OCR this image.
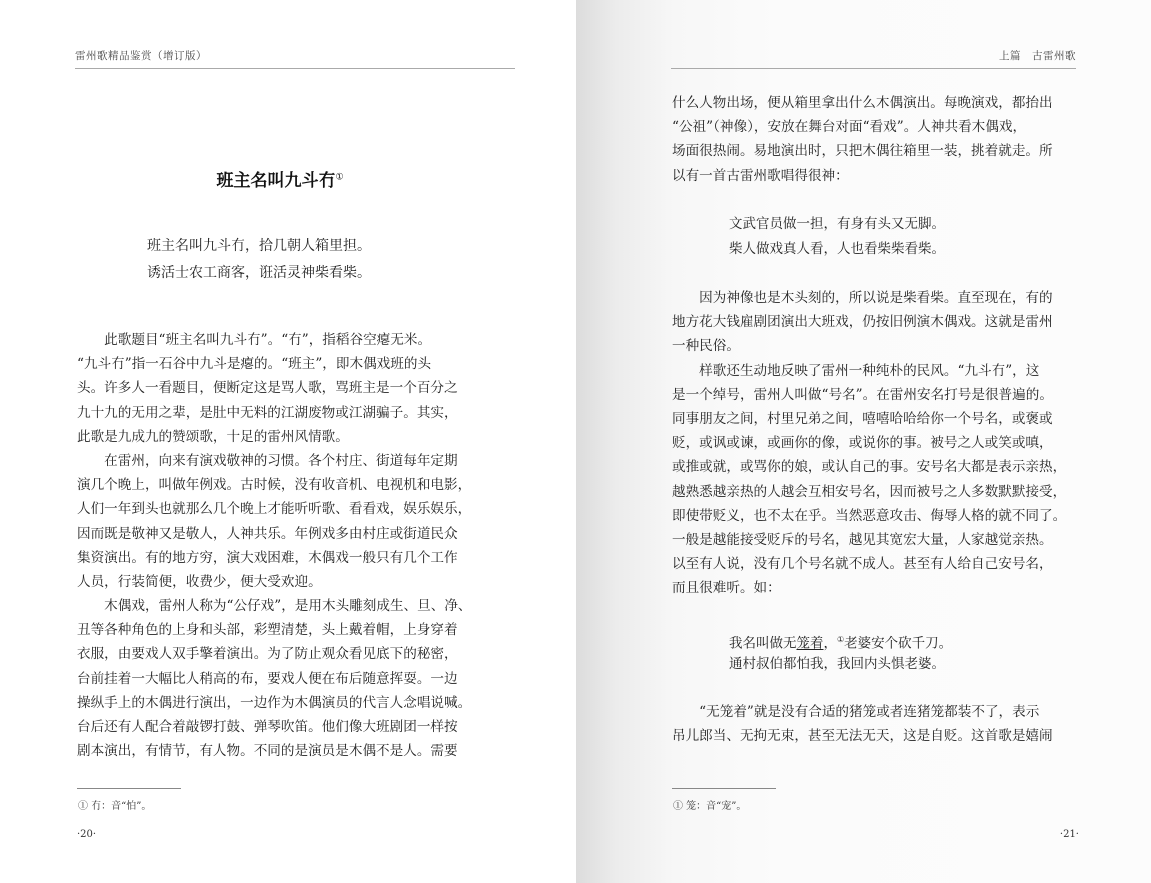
雷州歌精品鉴赏（增订版）
班主名叫九斗冇①
班主名叫九斗冇，拾几朝人箱里担。
诱活士农工商客，诳活灵神柴看柴。
　　此歌题目“班主名叫九斗冇”。“冇”，指稻谷空瘪无米。
“九斗冇”指一石谷中九斗是瘪的。“班主”，即木偶戏班的头
头。许多人一看题目，便断定这是骂人歌，骂班主是一个百分之
九十九的无用之辈，是肚中无料的江湖废物或江湖骗子。其实，
此歌是九成九的赞颂歌，十足的雷州风情歌。
　　在雷州，向来有演戏敬神的习惯。各个村庄、街道每年定期
演几个晚上，叫做年例戏。古时候，没有收音机、电视机和电影，
人们一年到头也就那么几个晚上才能听听歌、看看戏，娱乐娱乐，
因而既是敬神又是敬人，人神共乐。年例戏多由村庄或街道民众
集资演出。有的地方穷，演大戏困难，木偶戏一般只有几个工作
人员，行装简便，收费少，便大受欢迎。
　　木偶戏，雷州人称为“公仔戏”，是用木头雕刻成生、旦、净、
丑等各种角色的上身和头部，彩塑清楚，头上戴着帽，上身穿着
衣服，由要戏人双手擎着演出。为了防止观众看见底下的秘密，
台前挂着一大幅比人稍高的布，要戏人便在布后随意挥耍。一边
操纵手上的木偶进行演出，一边作为木偶演员的代言人念唱说喊。
台后还有人配合着敲锣打鼓、弹琴吹笛。他们像大班剧团一样按
剧本演出，有情节，有人物。不同的是演员是木偶不是人。需要
① 冇：音“怕”。
·20·
上篇　古雷州歌
什么人物出场，便从箱里拿出什么木偶演出。每晚演戏，都抬出
“公祖”（神像），安放在舞台对面“看戏”。人神共看木偶戏，
场面很热闹。易地演出时，只把木偶往箱里一装，挑着就走。所
以有一首古雷州歌唱得很神：
文武官员做一担，有身有头又无脚。
柴人做戏真人看，人也看柴柴看柴。
　　因为神像也是木头刻的，所以说是柴看柴。直至现在，有的
地方花大钱雇剧团演出大班戏，仍按旧例演木偶戏。这就是雷州
一种民俗。
　　样歌还生动地反映了雷州一种纯朴的民风。“九斗冇”，这
是一个绰号，雷州人叫做“号名”。在雷州安名打号是很普遍的。
同事朋友之间，村里兄弟之间，嘻嘻哈哈给你一个号名，或褒或
贬，或讽或谏，或画你的像，或说你的事。被号之人或笑或嗔，
或推或就，或骂你的娘，或认自己的事。安号名大都是表示亲热，
越熟悉越亲热的人越会互相安号名，因而被号之人多数默默接受，
即使带贬义，也不太在乎。当然恶意攻击、侮辱人格的就不同了。
一般是越能接受贬斥的号名，越见其宽宏大量，人家越觉亲热。
以至有人说，没有几个号名就不成人。甚至有人给自己安号名，
而且很难听。如：
我名叫做无笼着，①老婆安个砍千刀。
通村叔伯都怕我，我回内头惧老婆。
　　“无笼着”就是没有合适的猪笼或者连猪笼都装不了，表示
吊儿郎当、无拘无束，甚至无法无天，这是自贬。这首歌是嬉闹
① 笼：音“宠”。
·21·
